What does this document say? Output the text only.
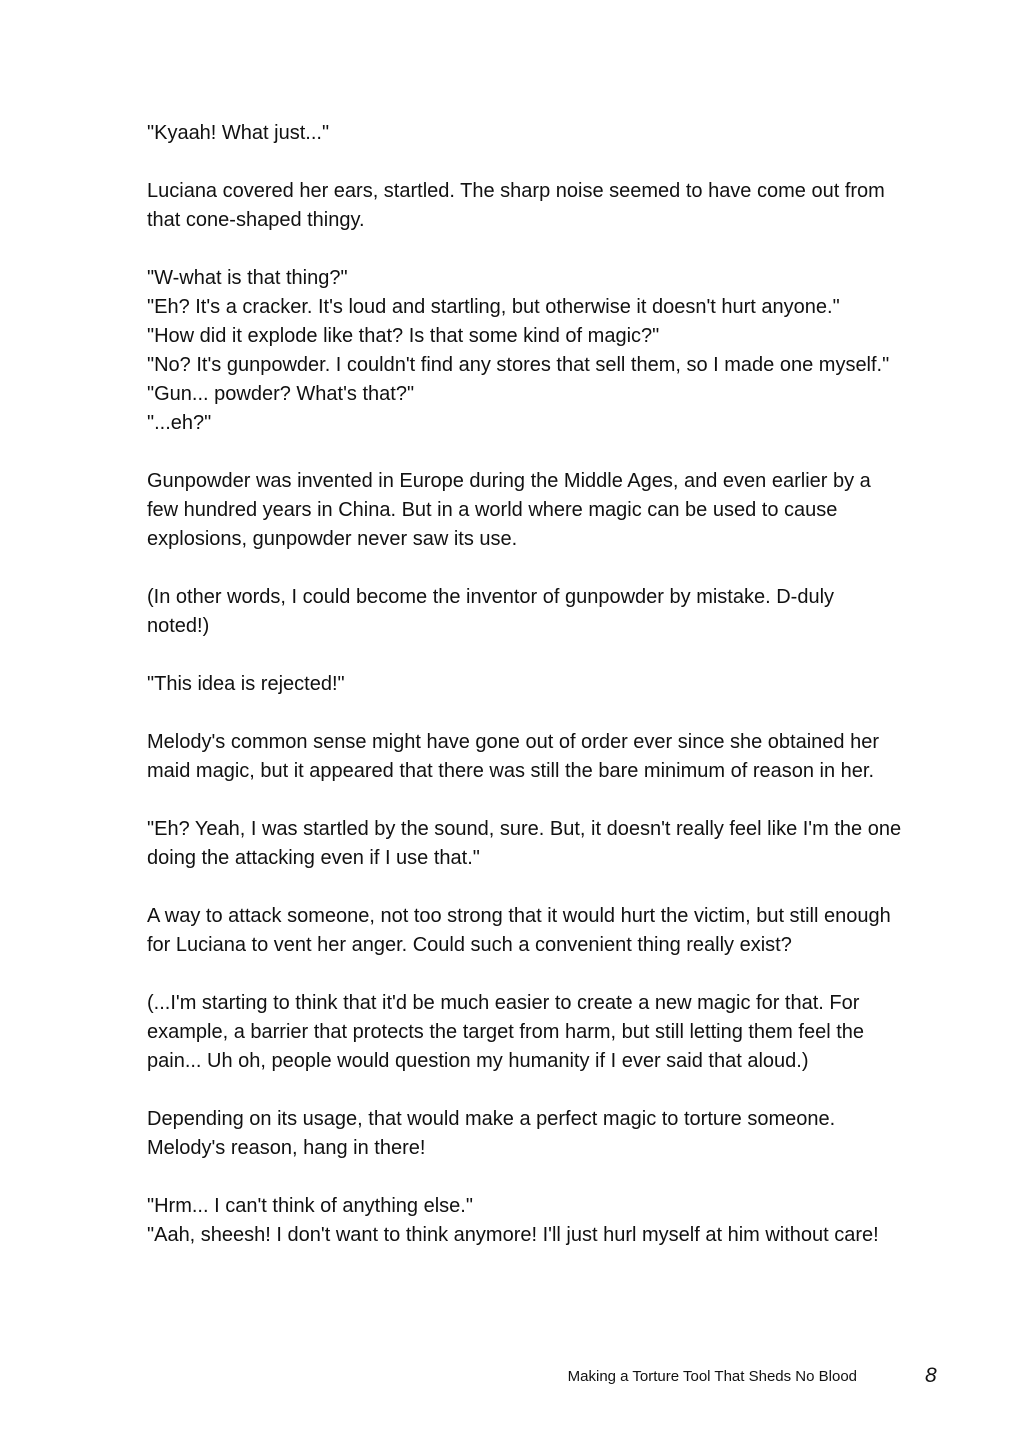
"Kyaah! What just..."

Luciana covered her ears, startled. The sharp noise seemed to have come out from
that cone-shaped thingy.

"W-what is that thing?"
"Eh? It's a cracker. It's loud and startling, but otherwise it doesn't hurt anyone."
"How did it explode like that? Is that some kind of magic?"
"No? It's gunpowder. I couldn't find any stores that sell them, so I made one myself."
"Gun... powder? What's that?"
"...eh?"

Gunpowder was invented in Europe during the Middle Ages, and even earlier by a
few hundred years in China. But in a world where magic can be used to cause
explosions, gunpowder never saw its use.

(In other words, I could become the inventor of gunpowder by mistake. D-duly
noted!)

"This idea is rejected!"

Melody's common sense might have gone out of order ever since she obtained her
maid magic, but it appeared that there was still the bare minimum of reason in her.

"Eh? Yeah, I was startled by the sound, sure. But, it doesn't really feel like I'm the one
doing the attacking even if I use that."

A way to attack someone, not too strong that it would hurt the victim, but still enough
for Luciana to vent her anger. Could such a convenient thing really exist?

(...I'm starting to think that it'd be much easier to create a new magic for that. For
example, a barrier that protects the target from harm, but still letting them feel the
pain... Uh oh, people would question my humanity if I ever said that aloud.)

Depending on its usage, that would make a perfect magic to torture someone.
Melody's reason, hang in there!

"Hrm... I can't think of anything else."
"Aah, sheesh! I don't want to think anymore! I'll just hurl myself at him without care!

Making a Torture Tool That Sheds No Blood	8
